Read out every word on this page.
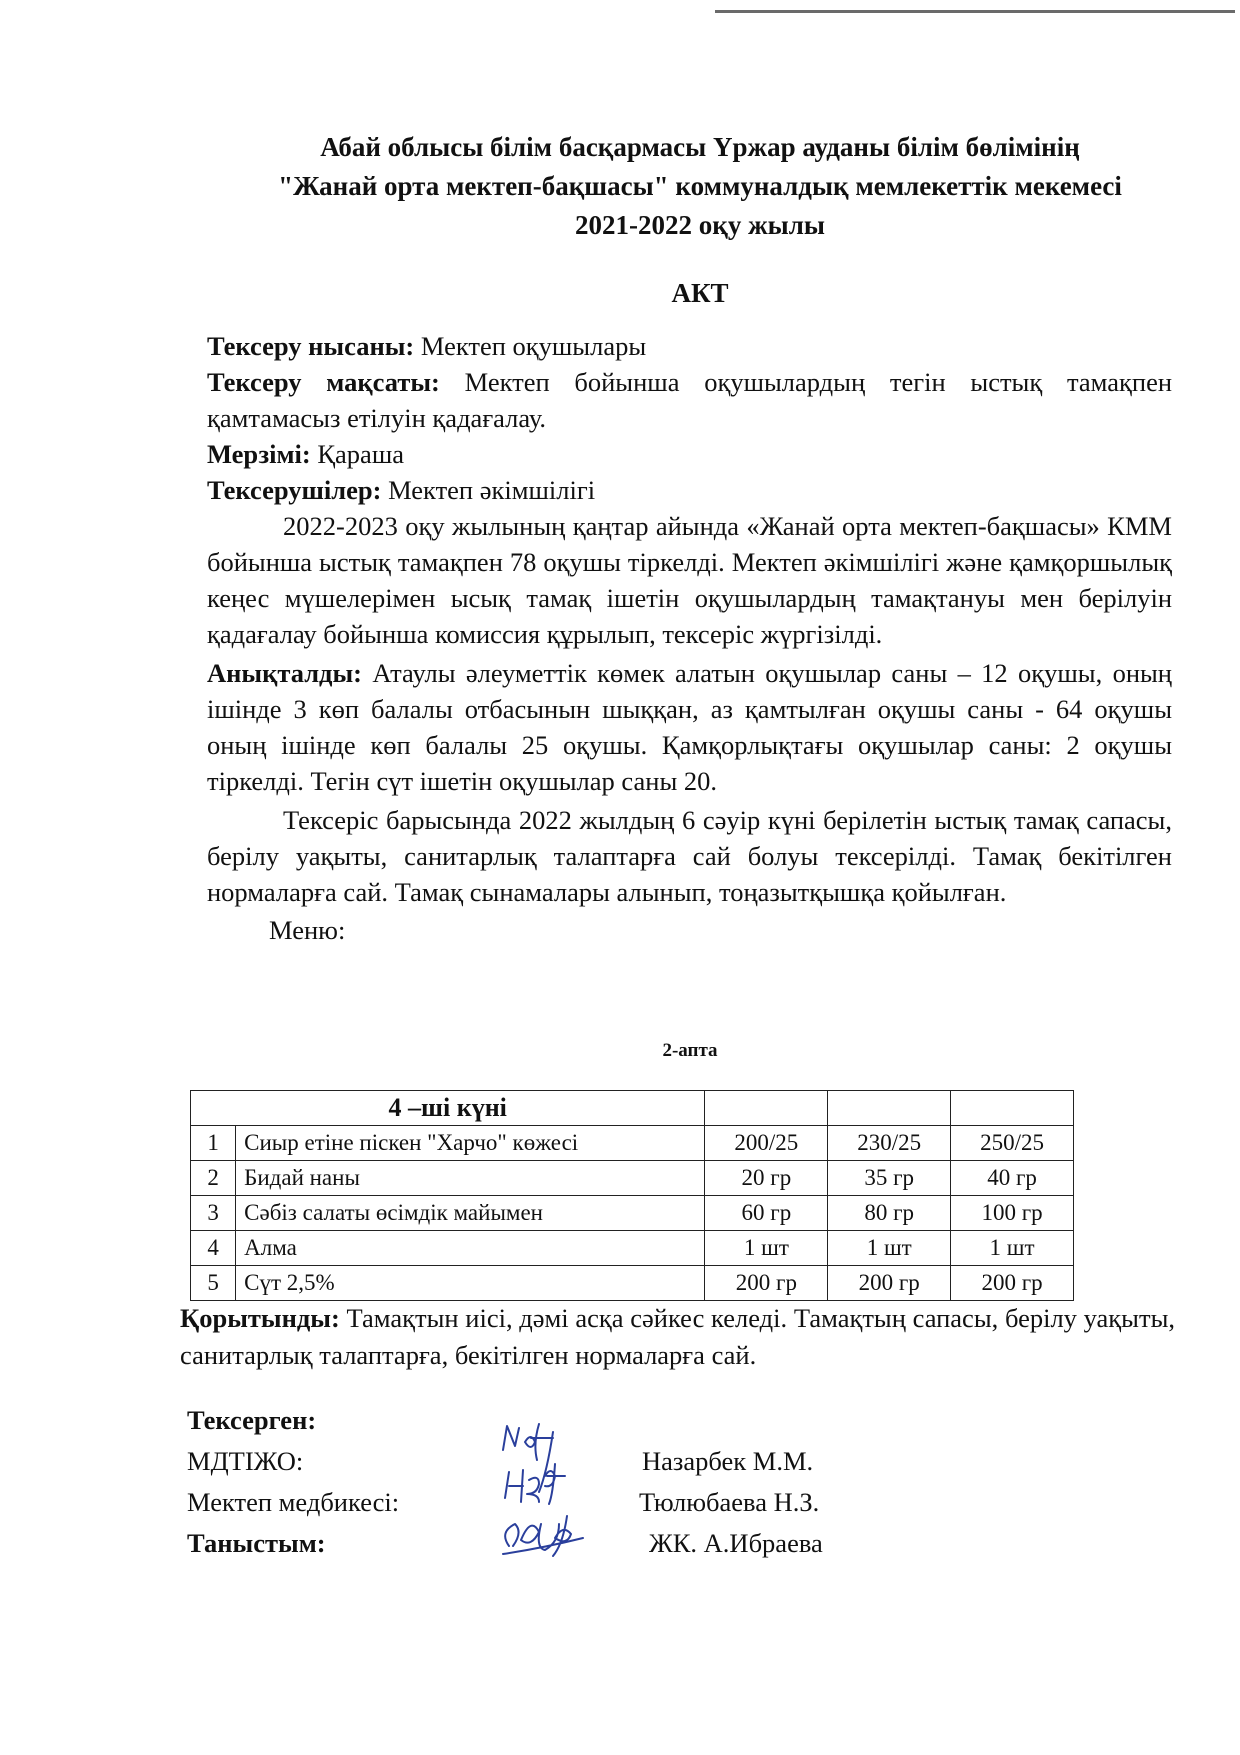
Абай облысы білім басқармасы Үржар ауданы білім бөлімінің
"Жанай орта мектеп-бақшасы" коммуналдық мемлекеттік мекемесі
2021-2022 оқу жылы
АКТ

Тексеру нысаны: Мектеп оқушылары

Тексеру мақсаты: Мектеп бойынша оқушылардың тегін ыстық тамақпен қамтамасыз етілуін қадағалау.

Мерзімі: Қараша

Тексерушілер: Мектеп әкімшілігі

2022-2023 оқу жылының қаңтар айында «Жанай орта мектеп-бақшасы» КММ бойынша ыстық тамақпен 78 оқушы тіркелді. Мектеп әкімшілігі және қамқоршылық кеңес мүшелерімен ысық тамақ ішетін оқушылардың тамақтануы мен берілуін қадағалау бойынша комиссия құрылып, тексеріс жүргізілді.

Анықталды: Атаулы әлеуметтік көмек алатын оқушылар саны – 12 оқушы, оның ішінде 3 көп балалы отбасынын шыққан, аз қамтылған оқушы саны - 64 оқушы оның ішінде көп балалы 25 оқушы. Қамқорлықтағы оқушылар саны: 2 оқушы тіркелді. Тегін сүт ішетін оқушылар саны 20.

Тексеріс барысында 2022 жылдың 6 сәуір күні берілетін ыстық тамақ сапасы, берілу уақыты, санитарлық талаптарға сай болуы тексерілді. Тамақ бекітілген нормаларға сай. Тамақ сынамалары алынып, тоңазытқышқа қойылған.

Меню:

2-апта
4 –ші күні				
1	Сиыр етіне піскен "Харчо" көжесі	200/25	230/25	250/25
2	Бидай наны	20 гр	35 гр	40 гр
3	Сәбіз салаты өсімдік майымен	60 гр	80 гр	100 гр
4	Алма	1 шт	1 шт	1 шт
5	Сүт 2,5%	200 гр	200 гр	200 гр
Қорытынды: Тамақтын иісі, дәмі асқа сәйкес келеді. Тамақтың сапасы, берілу уақыты, санитарлық талаптарға, бекітілген нормаларға сай.
Тексерген:
МДТІЖО:	Назарбек М.М.
Мектеп медбикесі:	Тюлюбаева Н.З.
Таныстым:	ЖК. А.Ибраева
